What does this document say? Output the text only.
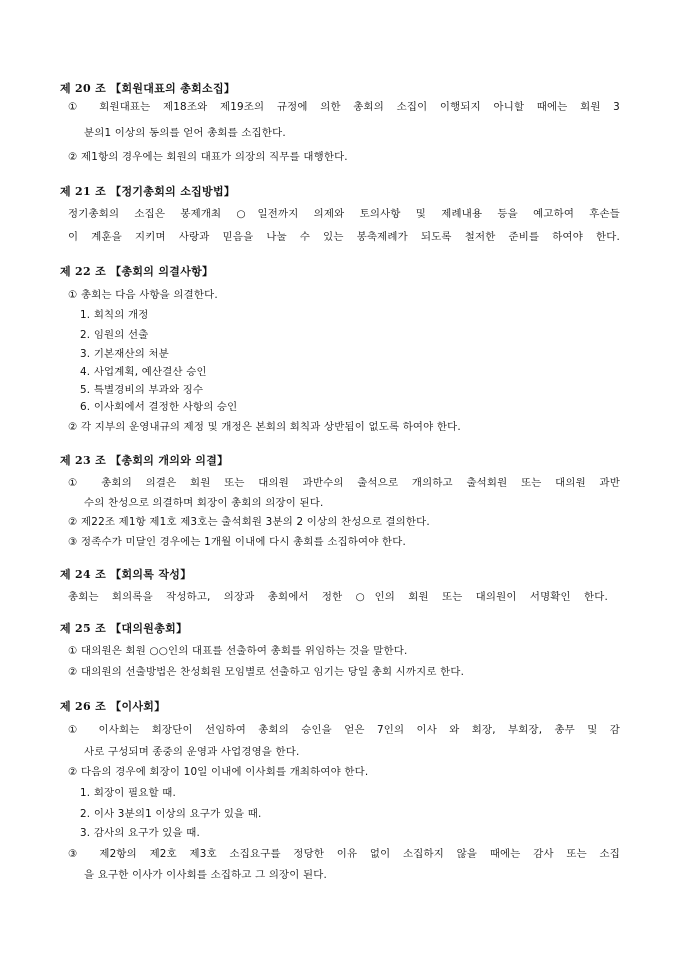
제 20 조 【회원대표의 총회소집】
① 회원대표는 제18조와 제19조의 규정에 의한 총회의 소집이 이행되지 아니할 때에는 회원 3
분의1 이상의 동의를 얻어 총회를 소집한다.
② 제1항의 경우에는 회원의 대표가 의장의 직무를 대행한다.
제 21 조 【정기총회의 소집방법】
정기총회의 소집은 봉제개최 ○일전까지 의제와 토의사항 및 제례내용 등을 예고하여 후손들
이 계훈을 지키며 사랑과 믿음을 나눌 수 있는 봉축제례가 되도록 철저한 준비를 하여야 한다.
제 22 조 【총회의 의결사항】
① 총회는 다음 사항을 의결한다.
1. 회칙의 개정
2. 임원의 선출
3. 기본재산의 처분
4. 사업계획, 예산결산 승인
5. 특별경비의 부과와 징수
6. 이사회에서 결정한 사항의 승인
② 각 지부의 운영내규의 제정 및 개정은 본회의 회칙과 상반됨이 없도록 하여야 한다.
제 23 조 【총회의 개의와 의결】
① 총회의 의결은 회원 또는 대의원 과반수의 출석으로 개의하고 출석회원 또는 대의원 과반
수의 찬성으로 의결하며 회장이 총회의 의장이 된다.
② 제22조 제1항 제1호 제3호는 출석회원 3분의 2 이상의 찬성으로 결의한다.
③ 정족수가 미달인 경우에는 1개월 이내에 다시 총회를 소집하여야 한다.
제 24 조 【회의록 작성】
총회는 회의록을 작성하고, 의장과 총회에서 정한 ○인의 회원 또는 대의원이 서명확인 한다.
제 25 조 【대의원총회】
① 대의원은 회원 ○○인의 대표를 선출하여 총회를 위임하는 것을 말한다.
② 대의원의 선출방법은 찬성회원 모임별로 선출하고 임기는 당일 총회 시까지로 한다.
제 26 조 【이사회】
① 이사회는 회장단이 선임하여 총회의 승인을 얻은 7인의 이사 와 회장, 부회장, 총무 및 감
사로 구성되며 종중의 운영과 사업경영을 한다.
② 다음의 경우에 회장이 10일 이내에 이사회를 개최하여야 한다.
1. 회장이 필요할 때.
2. 이사 3분의1 이상의 요구가 있을 때.
3. 감사의 요구가 있을 때.
③ 제2항의 제2호 제3호 소집요구를 정당한 이유 없이 소집하지 않을 때에는 감사 또는 소집
을 요구한 이사가 이사회를 소집하고 그 의장이 된다.
